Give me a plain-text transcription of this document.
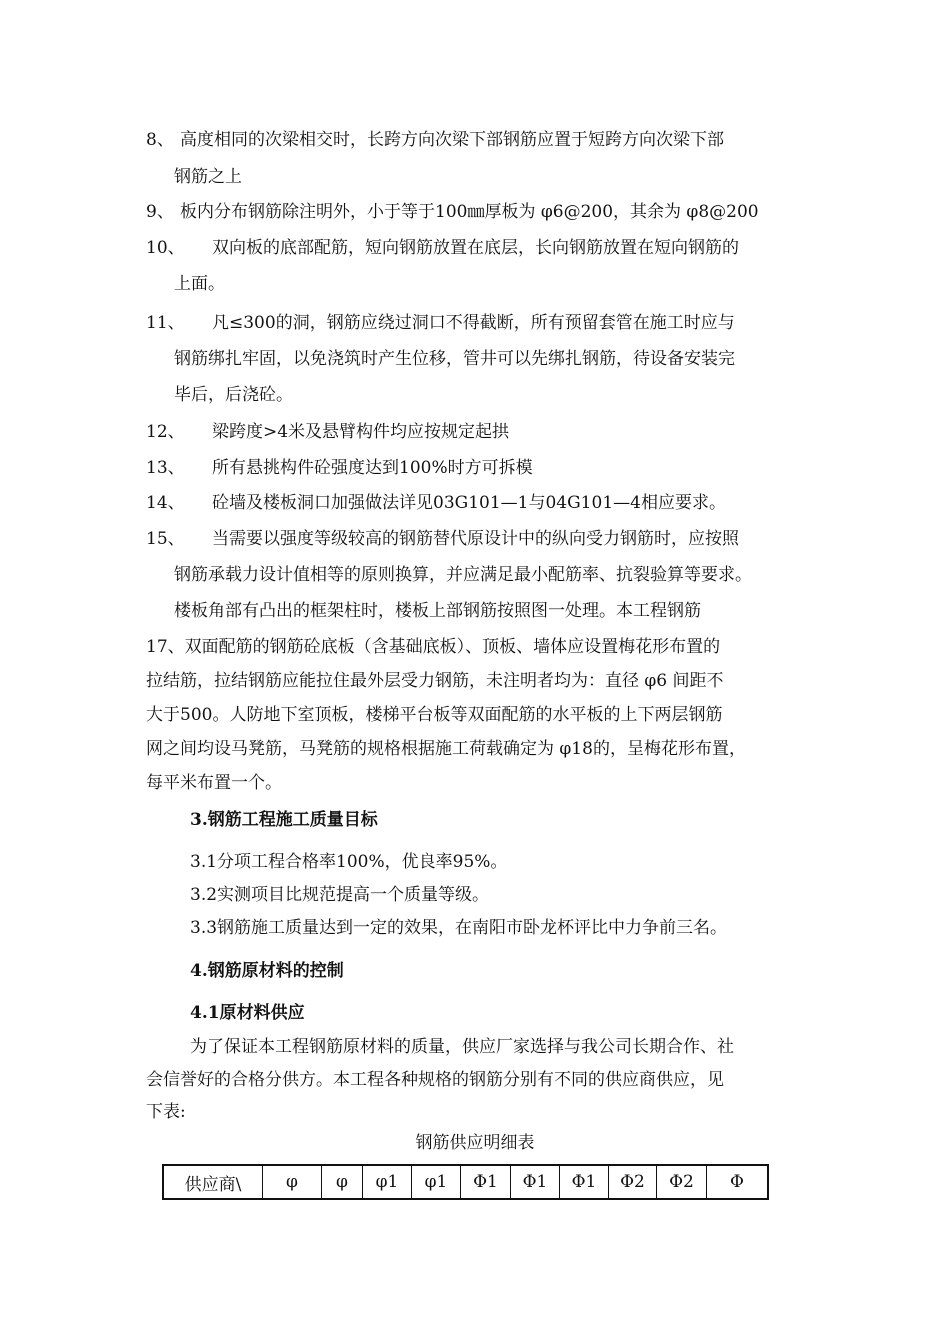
8、 高度相同的次梁相交时，长跨方向次梁下部钢筋应置于短跨方向次梁下部
钢筋之上
9、 板内分布钢筋除注明外，小于等于100㎜厚板为 φ6@200，其余为 φ8@200
10、 双向板的底部配筋，短向钢筋放置在底层，长向钢筋放置在短向钢筋的
上面。
11、 凡≤300的洞，钢筋应绕过洞口不得截断，所有预留套管在施工时应与
钢筋绑扎牢固，以免浇筑时产生位移，管井可以先绑扎钢筋，待设备安装完
毕后，后浇砼。
12、 梁跨度>4米及悬臂构件均应按规定起拱
13、 所有悬挑构件砼强度达到100%时方可拆模
14、 砼墙及楼板洞口加强做法详见03G101—1与04G101—4相应要求。
15、 当需要以强度等级较高的钢筋替代原设计中的纵向受力钢筋时，应按照
钢筋承载力设计值相等的原则换算，并应满足最小配筋率、抗裂验算等要求。
楼板角部有凸出的框架柱时，楼板上部钢筋按照图一处理。本工程钢筋
17、双面配筋的钢筋砼底板（含基础底板）、顶板、墙体应设置梅花形布置的
拉结筋，拉结钢筋应能拉住最外层受力钢筋，未注明者均为：直径 φ6 间距不
大于500。人防地下室顶板，楼梯平台板等双面配筋的水平板的上下两层钢筋
网之间均设马凳筋，马凳筋的规格根据施工荷载确定为 φ18的，呈梅花形布置，
每平米布置一个。
3.钢筋工程施工质量目标
3.1分项工程合格率100%，优良率95%。
3.2实测项目比规范提高一个质量等级。
3.3钢筋施工质量达到一定的效果，在南阳市卧龙杯评比中力争前三名。
4.钢筋原材料的控制
4.1原材料供应
为了保证本工程钢筋原材料的质量，供应厂家选择与我公司长期合作、社
会信誉好的合格分供方。本工程各种规格的钢筋分别有不同的供应商供应，见
下表:
钢筋供应明细表
供应商\	φ	φ	φ1	φ1	Φ1	Φ1	Φ1	Φ2	Φ2	Φ
